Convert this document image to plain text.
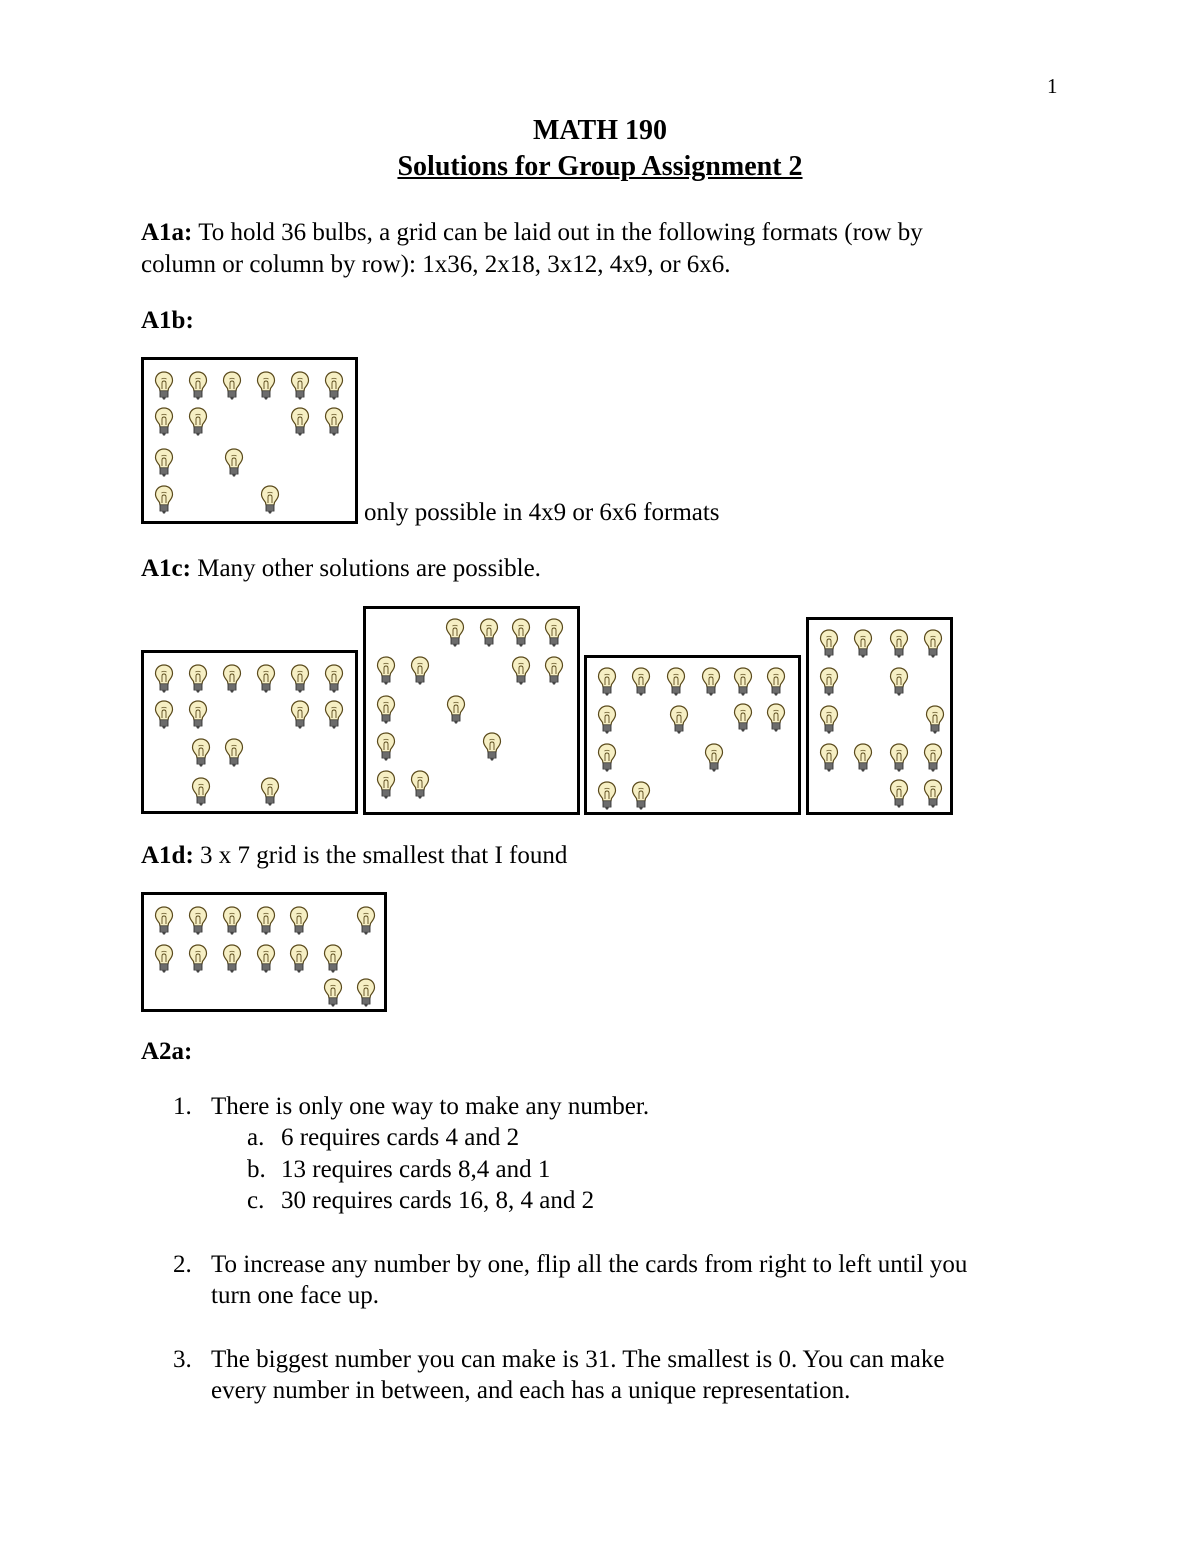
1
MATH 190
Solutions for Group Assignment 2
A1a: To hold 36 bulbs, a grid can be laid out in the following formats (row by
column or column by row): 1x36, 2x18, 3x12, 4x9, or 6x6.
A1b:
only possible in 4x9 or 6x6 formats
A1c: Many other solutions are possible.
A1d: 3 x 7 grid is the smallest that I found
A2a:
1. There is only one way to make any number.
a. 6 requires cards 4 and 2
b. 13 requires cards 8,4 and 1
c. 30 requires cards 16, 8, 4 and 2
2. To increase any number by one, flip all the cards from right to left until you
turn one face up.
3. The biggest number you can make is 31. The smallest is 0. You can make
every number in between, and each has a unique representation.
